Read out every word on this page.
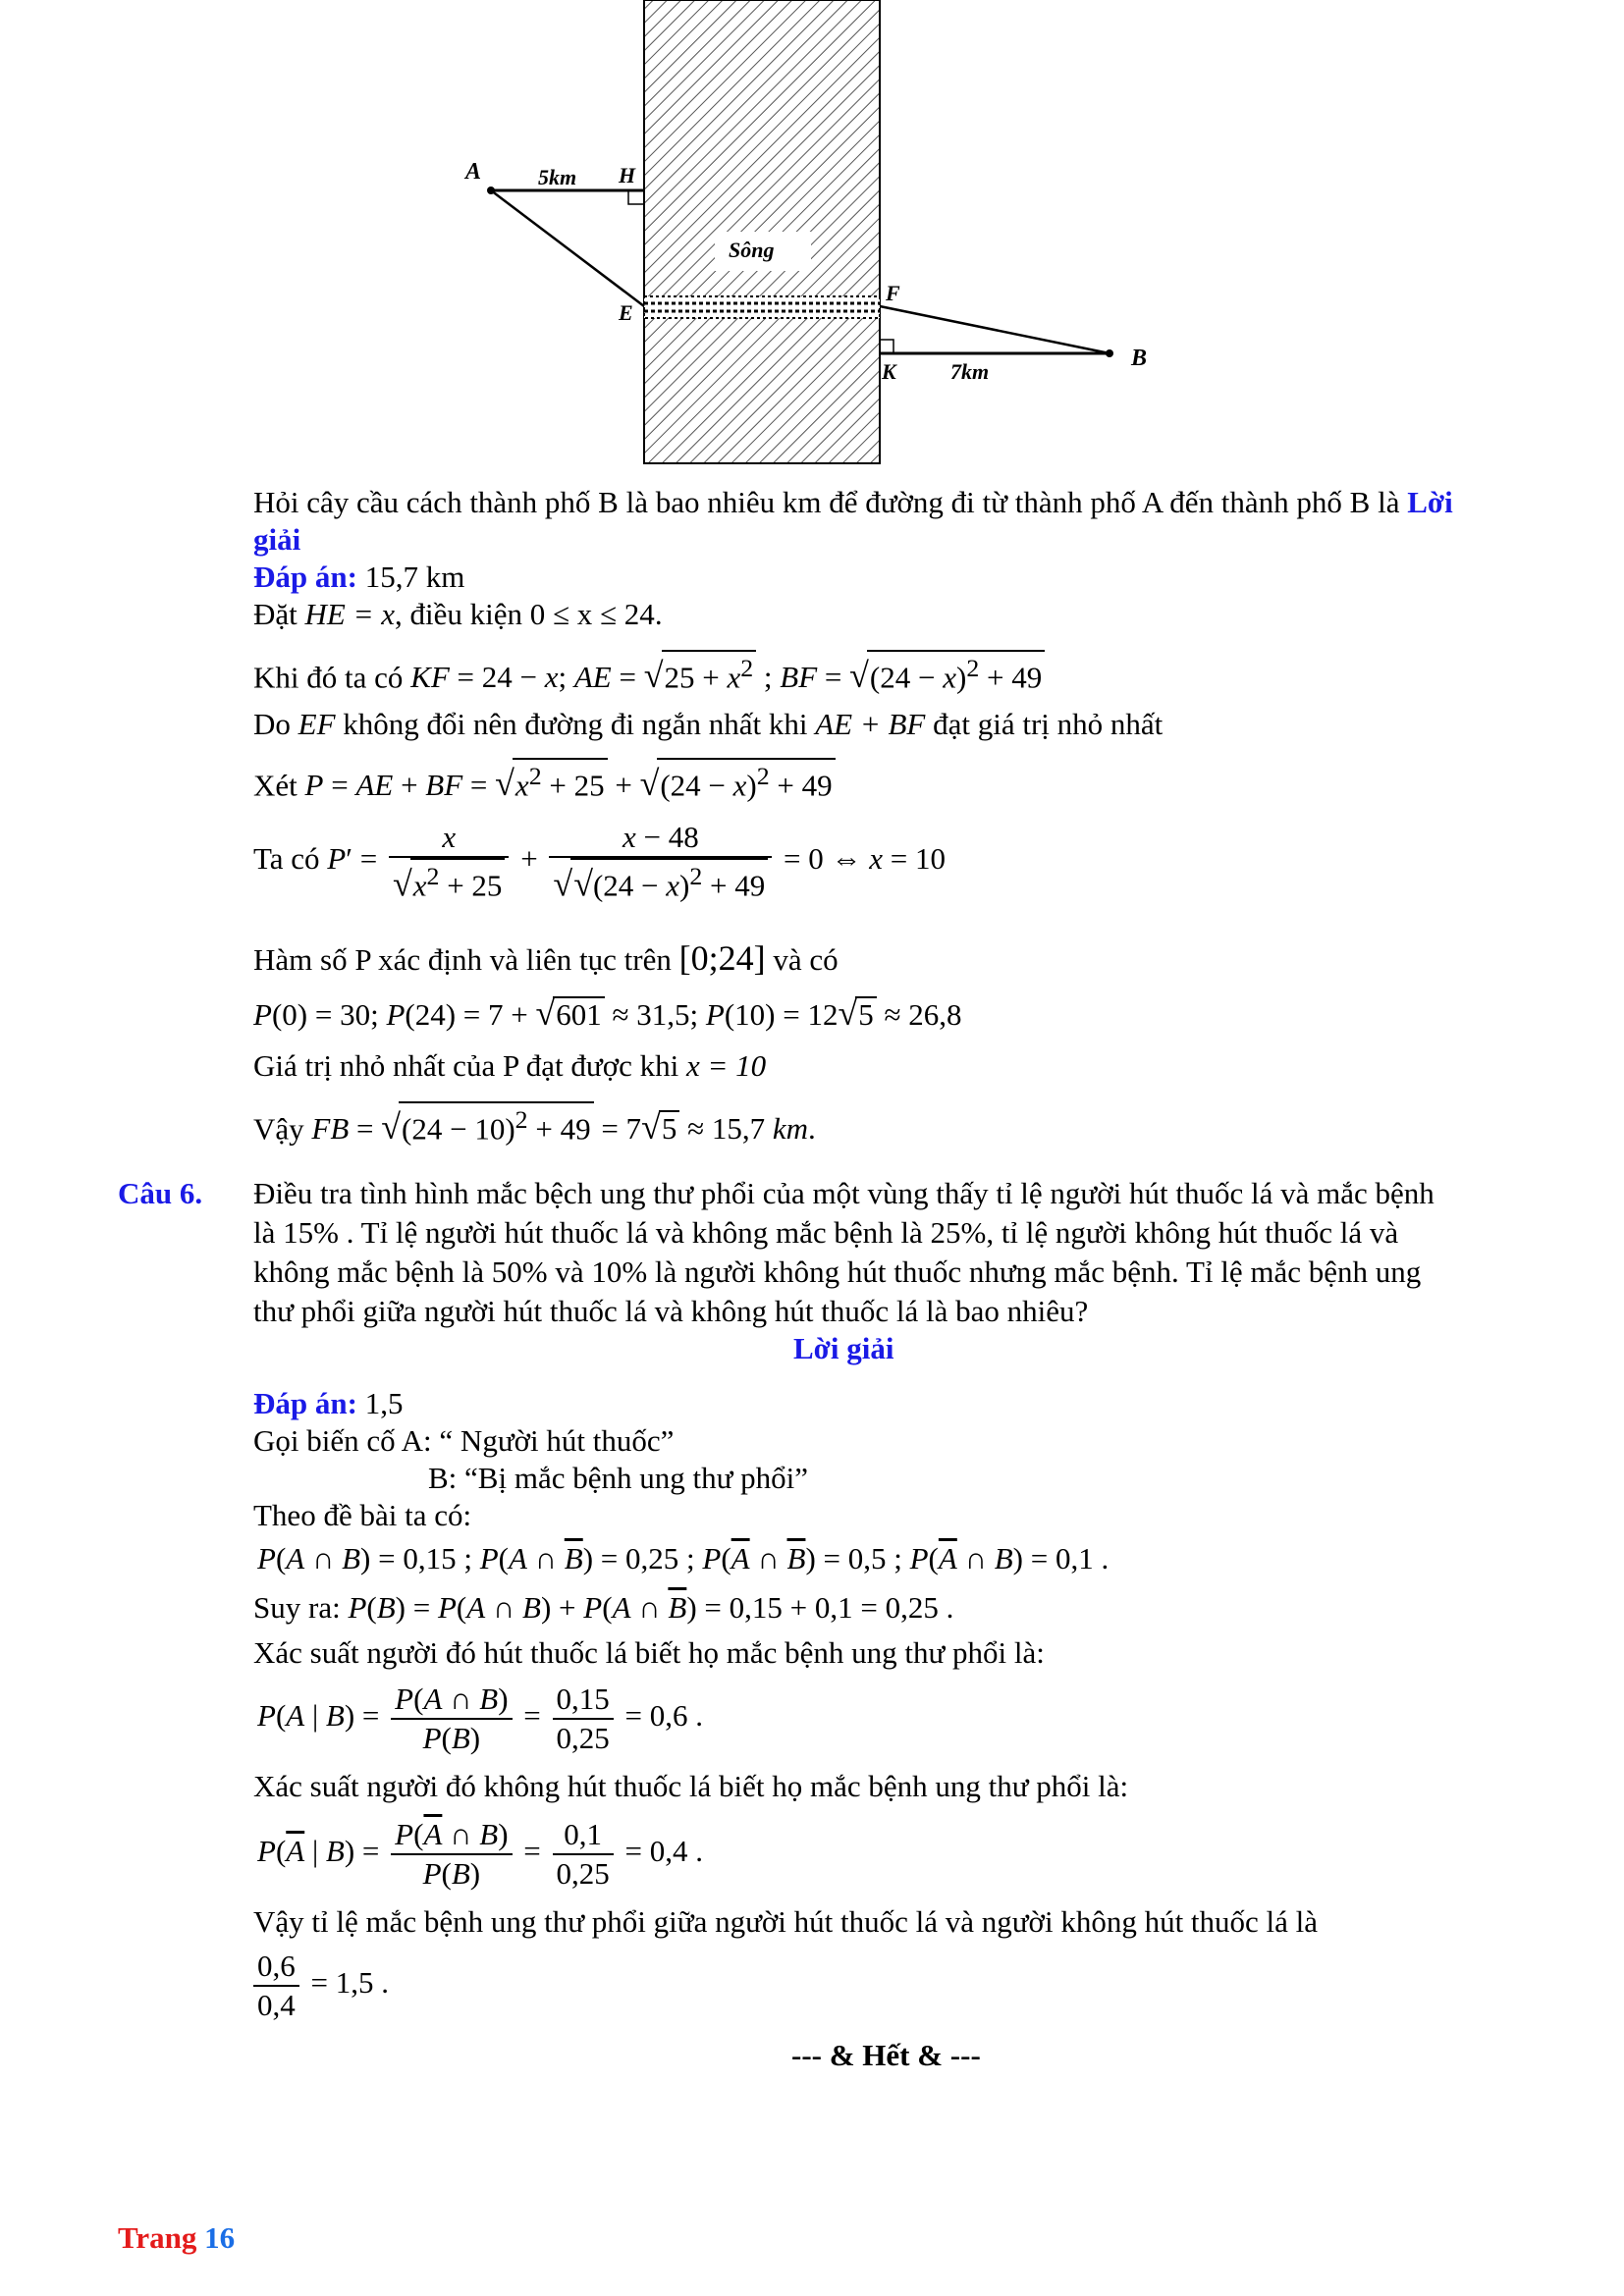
A	5km H
Sông
E
F
K	7km
B
Hỏi cây cầu cách thành phố B là bao nhiêu km để đường đi từ thành phố A đến thành phố B là Lời
giải
Đáp án: 15,7 km
Đặt HE = x, điều kiện 0 ≤ x ≤ 24.
Khi đó ta có KF = 24 − x; AE = $√25 + x^2$ ; BF = $√(24 - x)^2 + 49$
Do EF không đổi nên đường đi ngắn nhất khi AE + BF đạt giá trị nhỏ nhất
Xét P = AE + BF = $√x^2 + 25 + √(24 - x)^2 + 49$
Ta có $P' = \frac{x}{√x^2 + 25} + \frac{x - 48}{√√(24 - x)^2 + 49} = 0$ ⇔ x = 10
Hàm số P xác định và liên tục trên [0;24] và có
P(0) = 30; P(24) = 7 + √601 ≈ 31,5; P(10) = 12√5 ≈ 26,8
Giá trị nhỏ nhất của P đạt được khi x = 10
Vậy FB = $√(24 - 10)^2 + 49 = 7√5 \approx 15,7$ km.
Câu 6. Điều tra tình hình mắc bệch ung thư phổi của một vùng thấy tỉ lệ người hút thuốc lá và mắc bệnh
là 15% . Tỉ lệ người hút thuốc lá và không mắc bệnh là 25%, tỉ lệ người không hút thuốc lá và
không mắc bệnh là 50% và 10% là người không hút thuốc nhưng mắc bệnh. Tỉ lệ mắc bệnh ung
thư phổi giữa người hút thuốc lá và không hút thuốc lá là bao nhiêu?
Lời giải
Đáp án: 1,5
Gọi biến cố A: “ Người hút thuốc”
B: “Bị mắc bệnh ung thư phổi”
Theo đề bài ta có:
P(A ∩ B) = 0,15 ; P(A ∩ $\overline{B}) = 0,25$ ; $P(\overline{A}$ ∩ $\overline{B}) = 0,5$ ; $P(\overline{A}$ ∩ B) = 0,1 .
Suy ra: P(B) = P(A ∩ B) + P(A ∩ $\overline{B}) = 0,15 + 0,1 = 0,25$ .
Xác suất người đó hút thuốc lá biết họ mắc bệnh ung thư phổi là:
P(A | $B) = \frac{P(A \cap B)}{P(B)} = \frac{0,15}{0,25} = 0,6$ .
Xác suất người đó không hút thuốc lá biết họ mắc bệnh ung thư phổi là:
$P(\overline{A}$ | $B) = \frac{P(\overline{A} \cap B)}{P(B)} = \frac{0,1}{0,25} = 0,4$ .
Vậy tỉ lệ mắc bệnh ung thư phổi giữa người hút thuốc lá và người không hút thuốc lá là
$\frac{0,6}{0,4} = 1,5$ .
--- & Hết & ---
Trang 16
